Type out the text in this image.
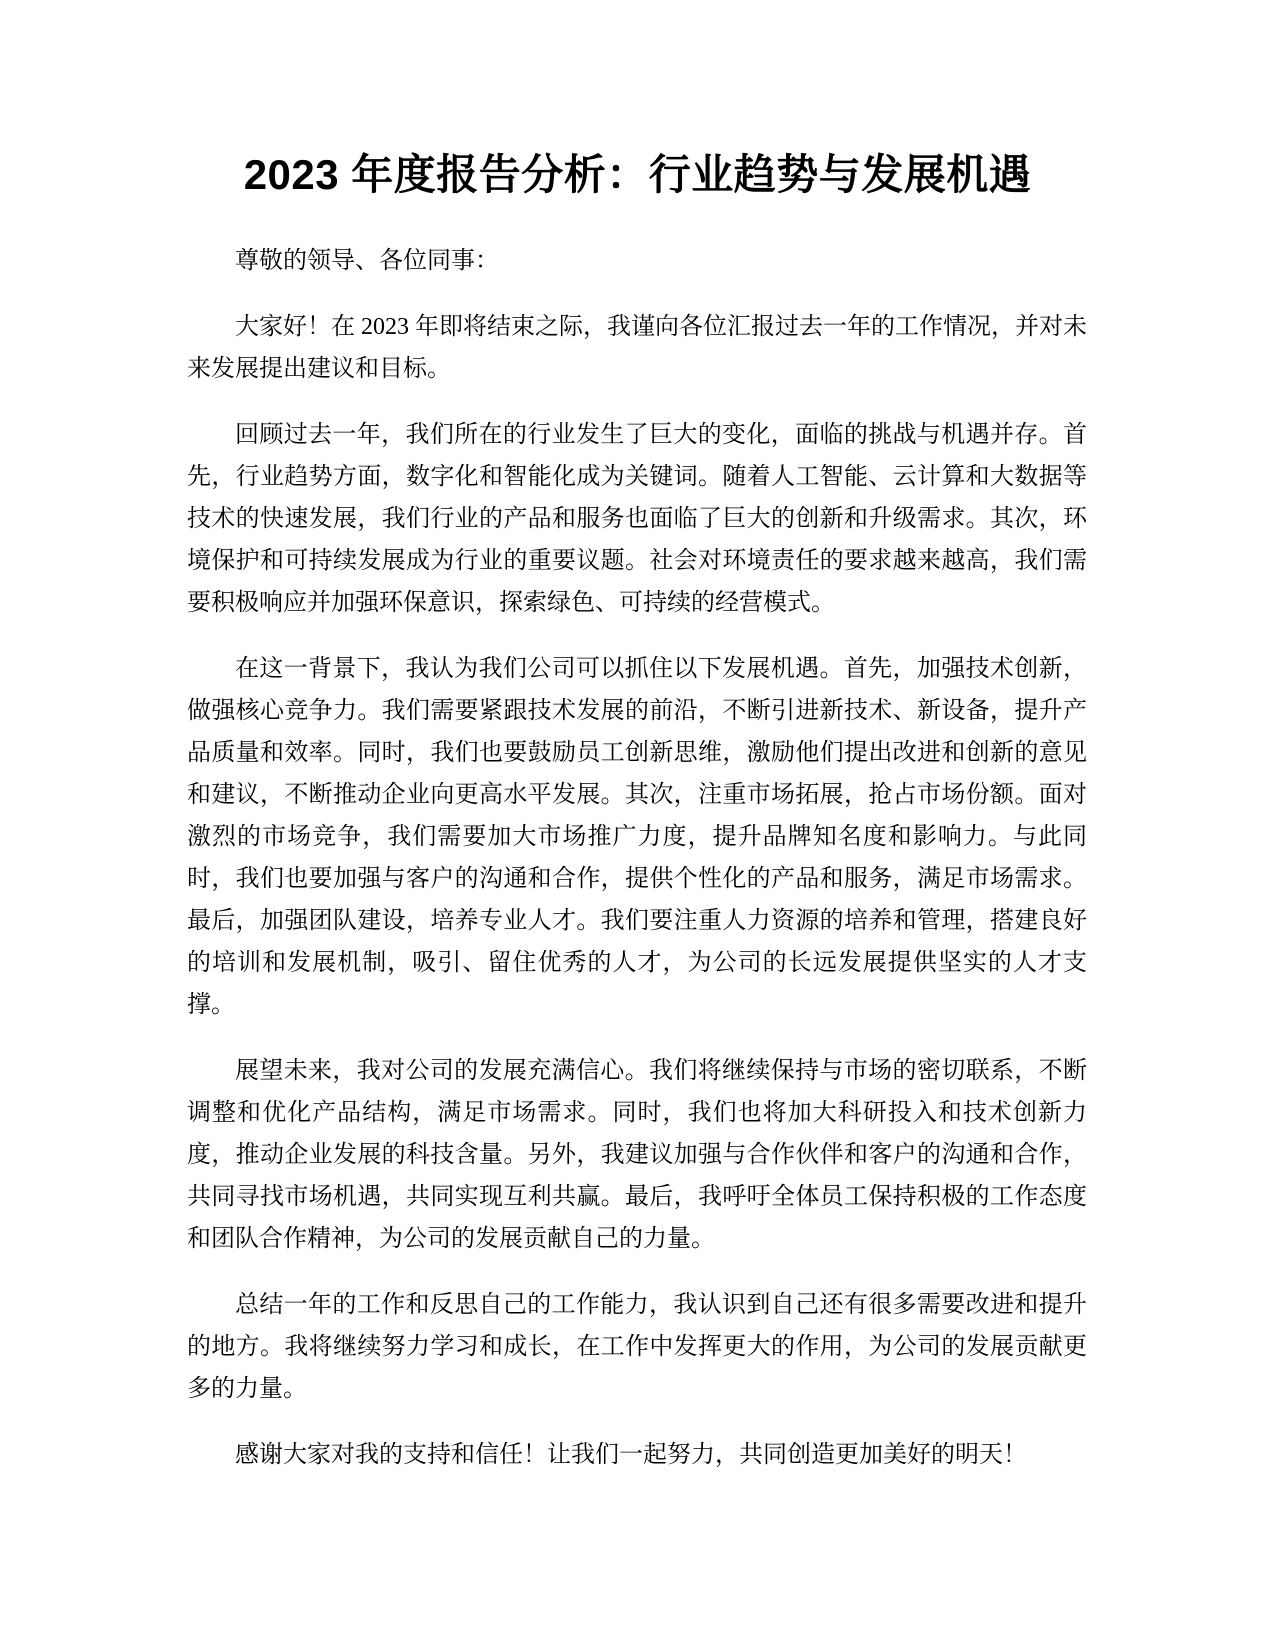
2023 年度报告分析：行业趋势与发展机遇

尊敬的领导、各位同事：

大家好！在 2023 年即将结束之际，我谨向各位汇报过去一年的工作情况，并对未来发展提出建议和目标。

回顾过去一年，我们所在的行业发生了巨大的变化，面临的挑战与机遇并存。首先，行业趋势方面，数字化和智能化成为关键词。随着人工智能、云计算和大数据等技术的快速发展，我们行业的产品和服务也面临了巨大的创新和升级需求。其次，环境保护和可持续发展成为行业的重要议题。社会对环境责任的要求越来越高，我们需要积极响应并加强环保意识，探索绿色、可持续的经营模式。

在这一背景下，我认为我们公司可以抓住以下发展机遇。首先，加强技术创新，做强核心竞争力。我们需要紧跟技术发展的前沿，不断引进新技术、新设备，提升产品质量和效率。同时，我们也要鼓励员工创新思维，激励他们提出改进和创新的意见和建议，不断推动企业向更高水平发展。其次，注重市场拓展，抢占市场份额。面对激烈的市场竞争，我们需要加大市场推广力度，提升品牌知名度和影响力。与此同时，我们也要加强与客户的沟通和合作，提供个性化的产品和服务，满足市场需求。最后，加强团队建设，培养专业人才。我们要注重人力资源的培养和管理，搭建良好的培训和发展机制，吸引、留住优秀的人才，为公司的长远发展提供坚实的人才支撑。

展望未来，我对公司的发展充满信心。我们将继续保持与市场的密切联系，不断调整和优化产品结构，满足市场需求。同时，我们也将加大科研投入和技术创新力度，推动企业发展的科技含量。另外，我建议加强与合作伙伴和客户的沟通和合作，共同寻找市场机遇，共同实现互利共赢。最后，我呼吁全体员工保持积极的工作态度和团队合作精神，为公司的发展贡献自己的力量。

总结一年的工作和反思自己的工作能力，我认识到自己还有很多需要改进和提升的地方。我将继续努力学习和成长，在工作中发挥更大的作用，为公司的发展贡献更多的力量。

感谢大家对我的支持和信任！让我们一起努力，共同创造更加美好的明天！
